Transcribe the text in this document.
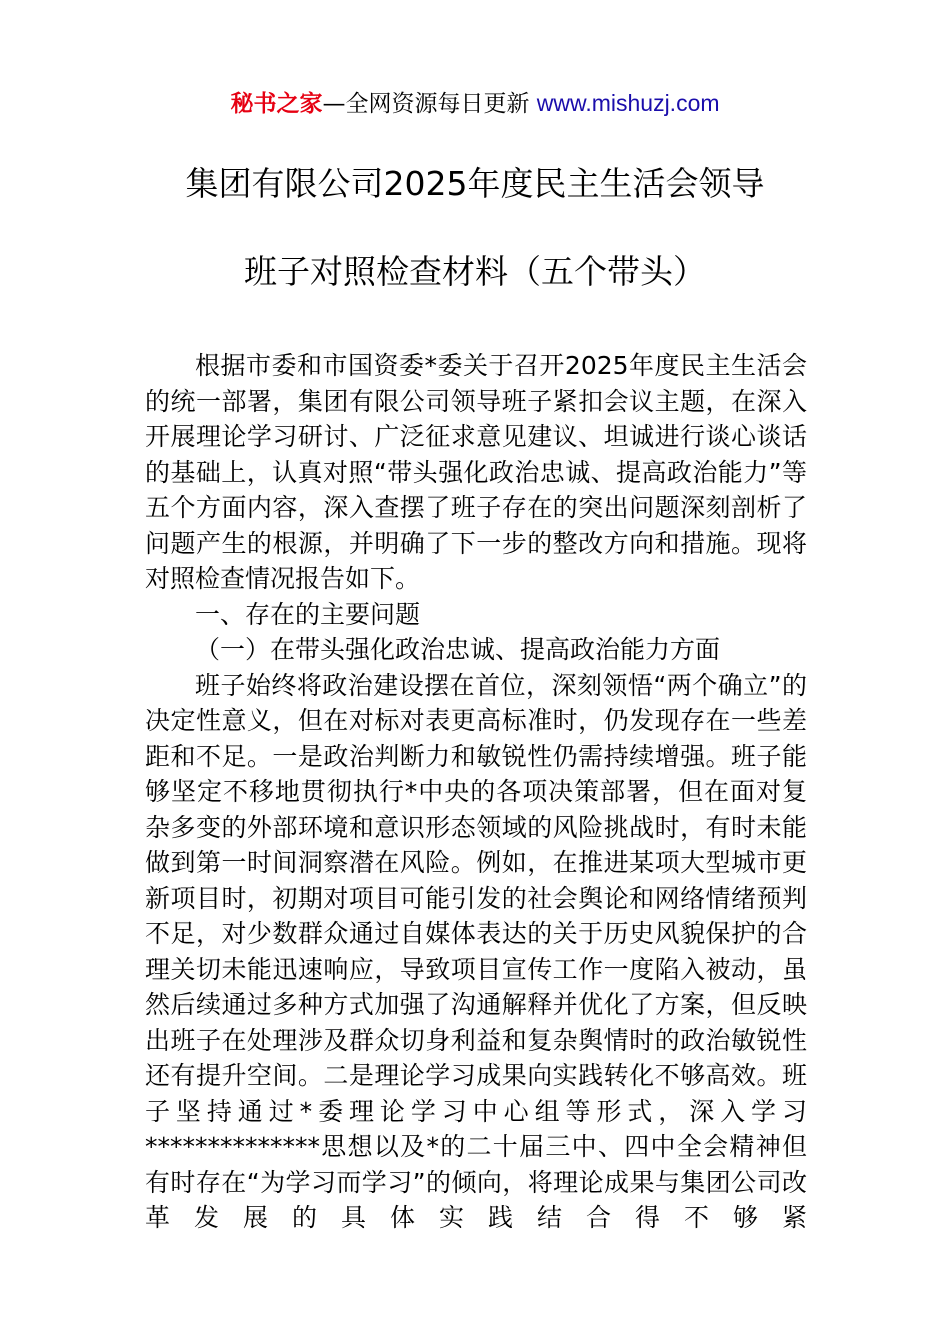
秘书之家—全网资源每日更新 www.mishuzj.com
集团有限公司2025年度民主生活会领导
班子对照检查材料（五个带头）

根据市委和市国资委*委关于召开2025年度民主生活会的统一部署，集团有限公司领导班子紧扣会议主题，在深入开展理论学习研讨、广泛征求意见建议、坦诚进行谈心谈话的基础上，认真对照“带头强化政治忠诚、提高政治能力”等五个方面内容，深入查摆了班子存在的突出问题深刻剖析了问题产生的根源，并明确了下一步的整改方向和措施。现将对照检查情况报告如下。

一、存在的主要问题

（一）在带头强化政治忠诚、提高政治能力方面

班子始终将政治建设摆在首位，深刻领悟“两个确立”的决定性意义，但在对标对表更高标准时，仍发现存在一些差距和不足。一是政治判断力和敏锐性仍需持续增强。班子能够坚定不移地贯彻执行*中央的各项决策部署，但在面对复杂多变的外部环境和意识形态领域的风险挑战时，有时未能做到第一时间洞察潜在风险。例如，在推进某项大型城市更新项目时，初期对项目可能引发的社会舆论和网络情绪预判不足，对少数群众通过自媒体表达的关于历史风貌保护的合理关切未能迅速响应，导致项目宣传工作一度陷入被动，虽然后续通过多种方式加强了沟通解释并优化了方案，但反映出班子在处理涉及群众切身利益和复杂舆情时的政治敏锐性还有提升空间。二是理论学习成果向实践转化不够高效。班子坚持通过*委理论学习中心组等形式，深入学习**************思想以及*的二十届三中、四中全会精神但有时存在“为学习而学习”的倾向，将理论成果与集团公司改革发展的具体实践结合得不够紧
